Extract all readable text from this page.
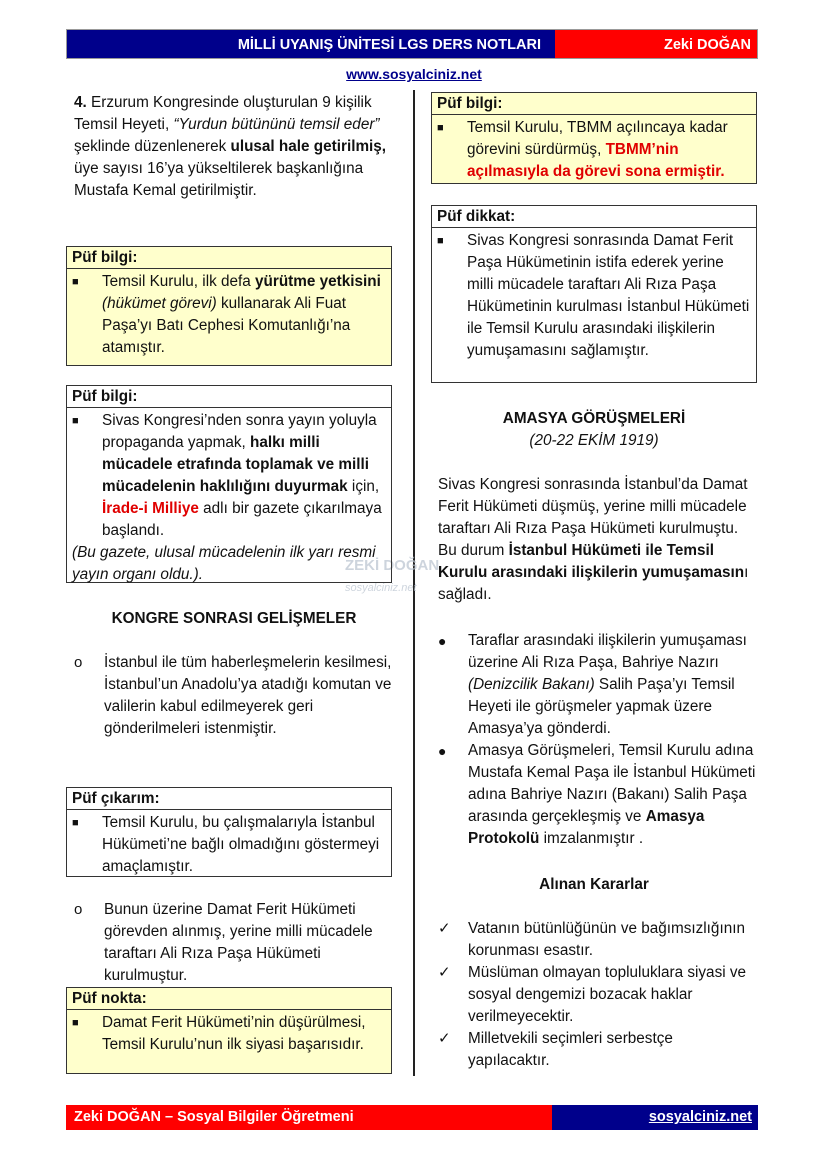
MİLLİ UYANIŞ ÜNİTESİ LGS DERS NOTLARI	Zeki DOĞAN
www.sosyalciniz.net
ZEKİ DOĞAN
sosyalciniz.net
4. Erzurum Kongresinde oluşturulan 9 kişilik Temsil Heyeti, “Yurdun bütününü temsil eder” şeklinde düzenlenerek ulusal hale getirilmiş, üye sayısı 16’ya yükseltilerek başkanlığına Mustafa Kemal getirilmiştir.
Püf bilgi:
■	Temsil Kurulu, ilk defa yürütme yetkisini (hükümet görevi) kullanarak Ali Fuat Paşa’yı Batı Cephesi Komutanlığı’na atamıştır.
Püf bilgi:
■	Sivas Kongresi’nden sonra yayın yoluyla propaganda yapmak, halkı milli mücadele etrafında toplamak ve milli mücadelenin haklılığını duyurmak için, İrade-i Milliye adlı bir gazete çıkarılmaya başlandı.
(Bu gazete, ulusal mücadelenin ilk yarı resmi yayın organı oldu.).
KONGRE SONRASI GELİŞMELER
o	İstanbul ile tüm haberleşmelerin kesilmesi, İstanbul’un Anadolu’ya atadığı komutan ve valilerin kabul edilmeyerek geri gönderilmeleri istenmiştir.
Püf çıkarım:
■	Temsil Kurulu, bu çalışmalarıyla İstanbul Hükümeti’ne bağlı olmadığını göstermeyi amaçlamıştır.
o	Bunun üzerine Damat Ferit Hükümeti görevden alınmış, yerine milli mücadele taraftarı Ali Rıza Paşa Hükümeti kurulmuştur.
Püf nokta:
■	Damat Ferit Hükümeti’nin düşürülmesi, Temsil Kurulu’nun ilk siyasi başarısıdır.
Püf bilgi:
■	Temsil Kurulu, TBMM açılıncaya kadar görevini sürdürmüş, TBMM’nin açılmasıyla da görevi sona ermiştir.
Püf dikkat:
■	Sivas Kongresi sonrasında Damat Ferit Paşa Hükümetinin istifa ederek yerine milli mücadele taraftarı Ali Rıza Paşa Hükümetinin kurulması İstanbul Hükümeti ile Temsil Kurulu arasındaki ilişkilerin yumuşamasını sağlamıştır.
AMASYA GÖRÜŞMELERİ
(20-22 EKİM 1919)
Sivas Kongresi sonrasında İstanbul’da Damat Ferit Hükümeti düşmüş, yerine milli mücadele taraftarı Ali Rıza Paşa Hükümeti kurulmuştu. Bu durum İstanbul Hükümeti ile Temsil Kurulu arasındaki ilişkilerin yumuşamasını sağladı.
●	Taraflar arasındaki ilişkilerin yumuşaması üzerine Ali Rıza Paşa, Bahriye Nazırı (Denizcilik Bakanı) Salih Paşa’yı Temsil Heyeti ile görüşmeler yapmak üzere Amasya’ya gönderdi.
●	Amasya Görüşmeleri, Temsil Kurulu adına Mustafa Kemal Paşa ile İstanbul Hükümeti adına Bahriye Nazırı (Bakanı) Salih Paşa arasında gerçekleşmiş ve Amasya Protokolü imzalanmıştır .
Alınan Kararlar
✓	Vatanın bütünlüğünün ve bağımsızlığının korunması esastır.
✓	Müslüman olmayan topluluklara siyasi ve sosyal dengemizi bozacak haklar verilmeyecektir.
✓	Milletvekili seçimleri serbestçe yapılacaktır.
Zeki DOĞAN – Sosyal Bilgiler Öğretmeni	sosyalciniz.net
